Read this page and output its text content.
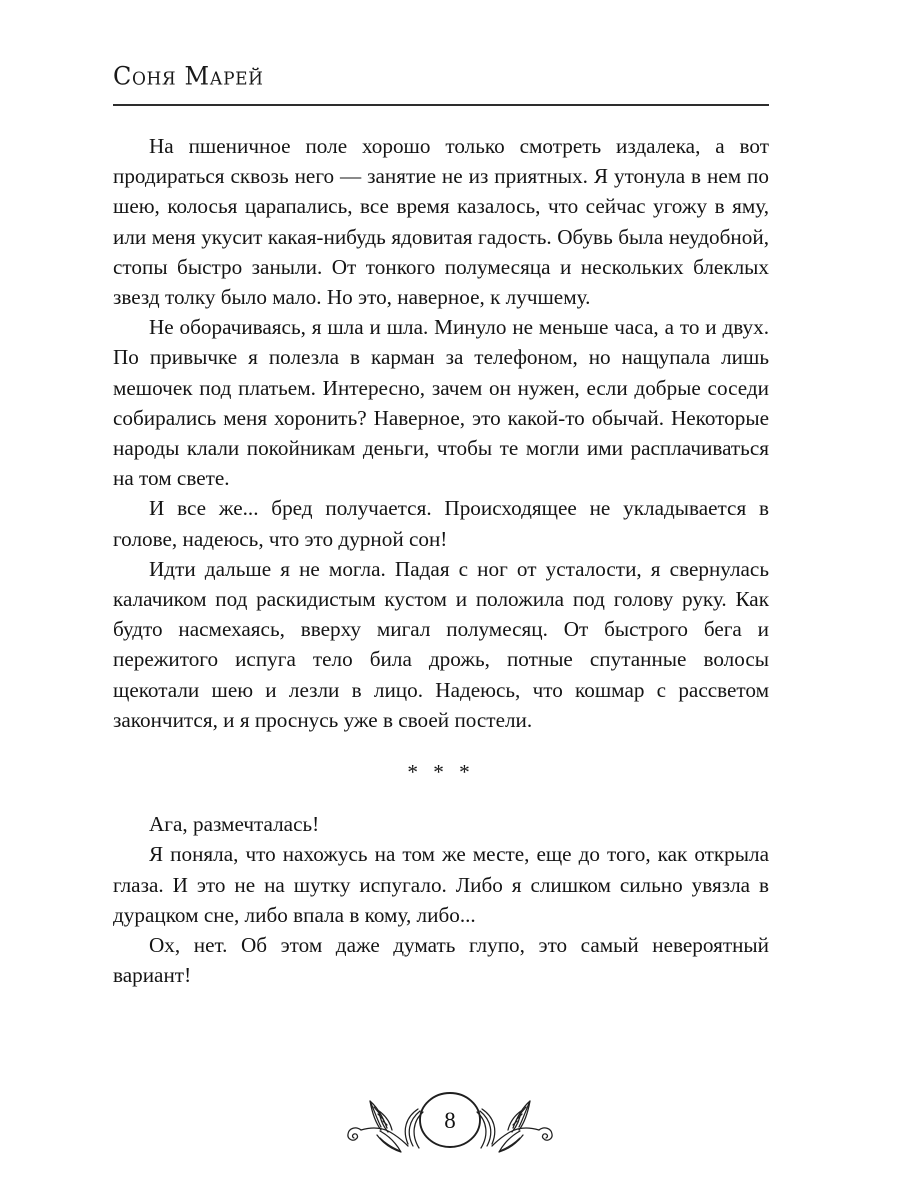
Соня Марей

На пшеничное поле хорошо только смотреть издалека, а вот продираться сквозь него — занятие не из приятных. Я утонула в нем по шею, колосья царапались, все время казалось, что сейчас угожу в яму, или меня укусит какая-нибудь ядовитая гадость. Обувь была неудобной, стопы быстро заныли. От тонкого полумесяца и нескольких блеклых звезд толку было мало. Но это, наверное, к лучшему.

Не оборачиваясь, я шла и шла. Минуло не меньше часа, а то и двух. По привычке я полезла в карман за телефоном, но нащупала лишь мешочек под платьем. Интересно, зачем он нужен, если добрые соседи собирались меня хоронить? Наверное, это какой-то обычай. Некоторые народы клали покойникам деньги, чтобы те могли ими расплачиваться на том свете.

И все же... бред получается. Происходящее не укладывается в голове, надеюсь, что это дурной сон!

Идти дальше я не могла. Падая с ног от усталости, я свернулась калачиком под раскидистым кустом и положила под голову руку. Как будто насмехаясь, вверху мигал полумесяц. От быстрого бега и пережитого испуга тело била дрожь, потные спутанные волосы щекотали шею и лезли в лицо. Надеюсь, что кошмар с рассветом закончится, и я проснусь уже в своей постели.

* * *

Ага, размечталась!

Я поняла, что нахожусь на том же месте, еще до того, как открыла глаза. И это не на шутку испугало. Либо я слишком сильно увязла в дурацком сне, либо впала в кому, либо...

Ох, нет. Об этом даже думать глупо, это самый невероятный вариант!

8
